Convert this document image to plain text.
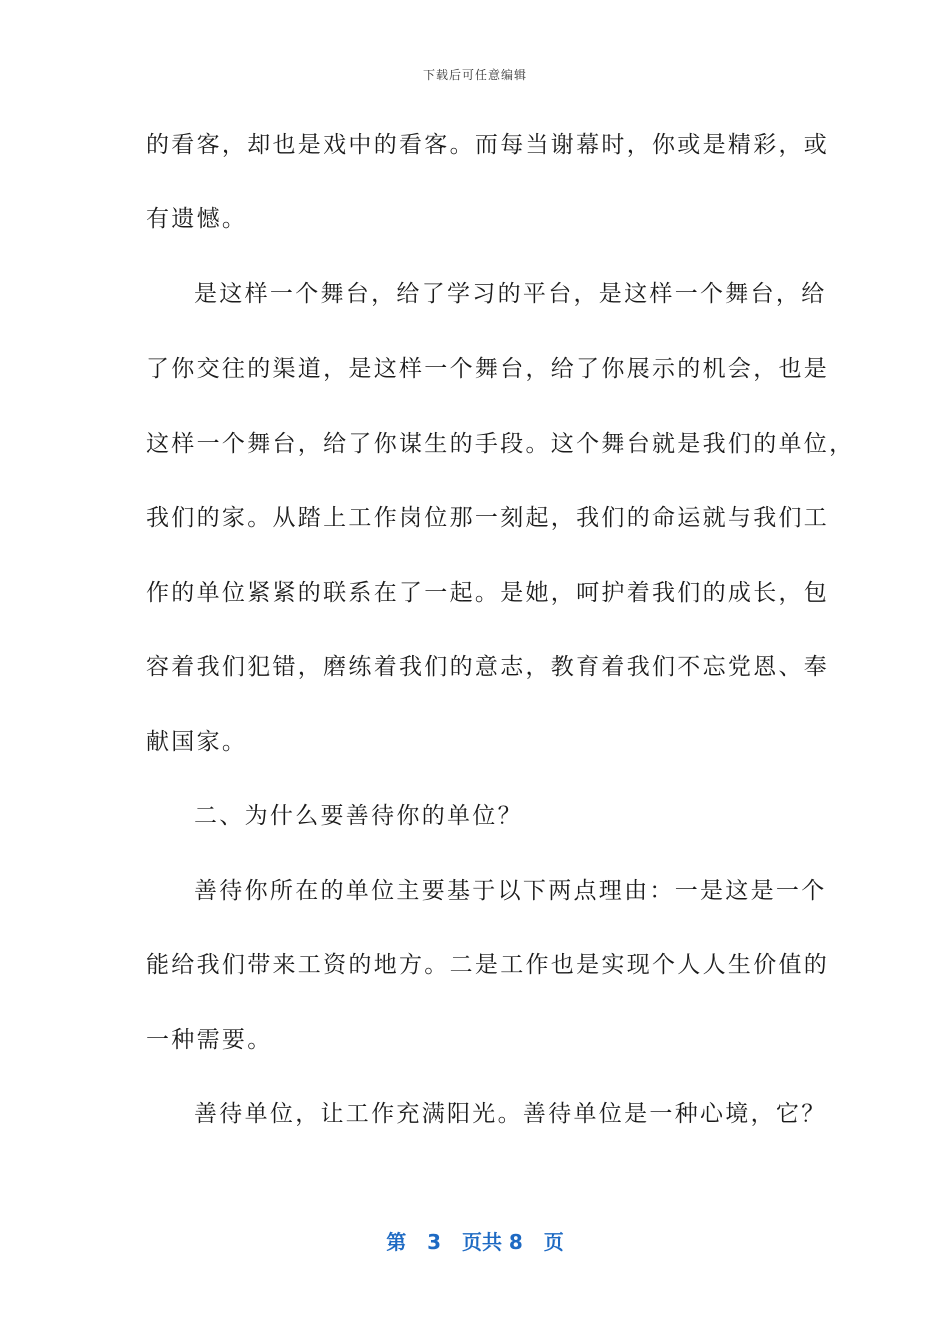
下载后可任意编辑
的看客，却也是戏中的看客。而每当谢幕时，你或是精彩，或
有遗憾。
是这样一个舞台，给了学习的平台，是这样一个舞台，给
了你交往的渠道，是这样一个舞台，给了你展示的机会，也是
这样一个舞台，给了你谋生的手段。这个舞台就是我们的单位，
我们的家。从踏上工作岗位那一刻起，我们的命运就与我们工
作的单位紧紧的联系在了一起。是她，呵护着我们的成长，包
容着我们犯错，磨练着我们的意志，教育着我们不忘党恩、奉
献国家。
二、为什么要善待你的单位？
善待你所在的单位主要基于以下两点理由：一是这是一个
能给我们带来工资的地方。二是工作也是实现个人人生价值的
一种需要。
善待单位，让工作充满阳光。善待单位是一种心境，它？
第 3 页共 8 页
